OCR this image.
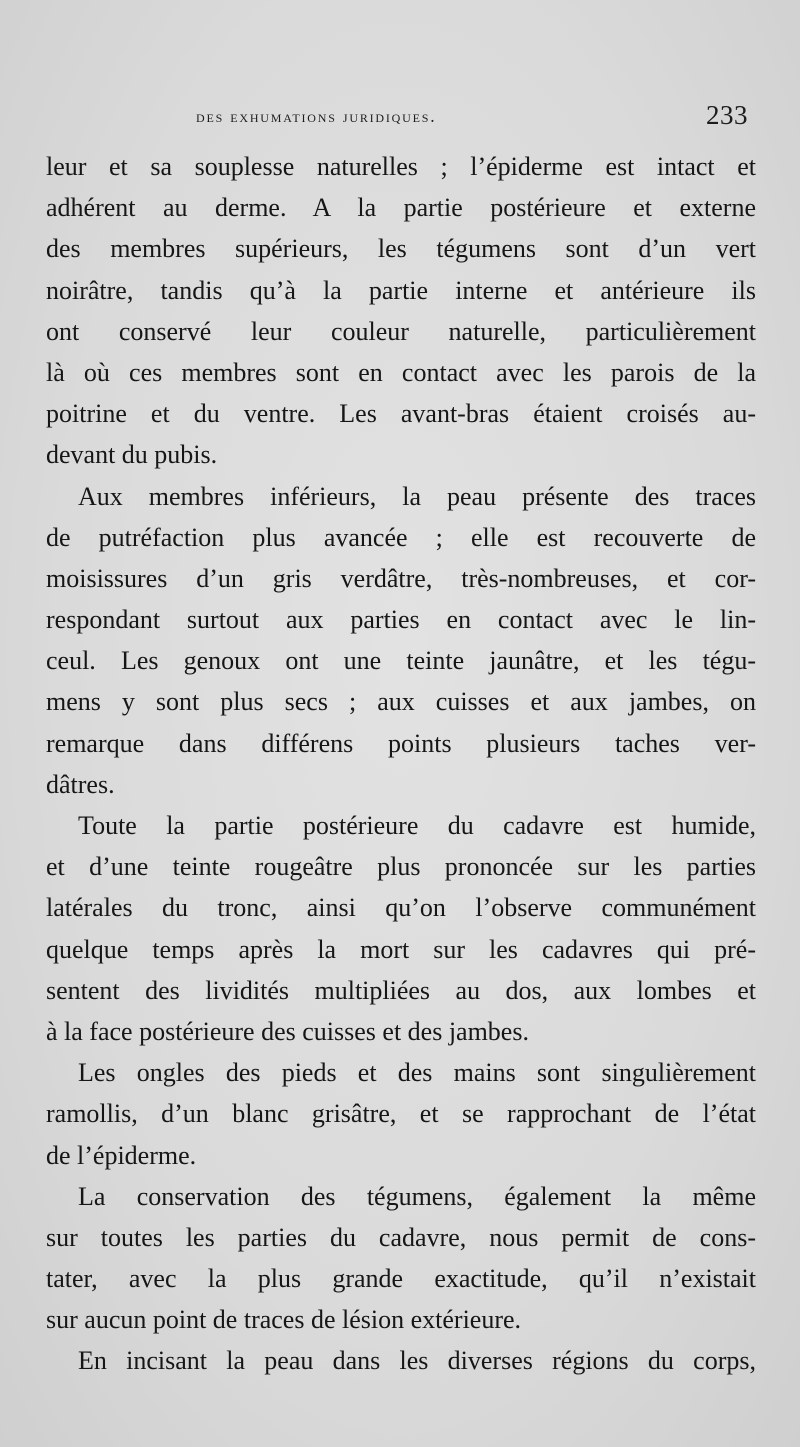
des exhumations juridiques.	233
leur et sa souplesse naturelles ; l’épiderme est intact et
adhérent au derme. A la partie postérieure et externe
des membres supérieurs, les tégumens sont d’un vert
noirâtre, tandis qu’à la partie interne et antérieure ils
ont conservé leur couleur naturelle, particulièrement
là où ces membres sont en contact avec les parois de la
poitrine et du ventre. Les avant-bras étaient croisés au-
devant du pubis.
Aux membres inférieurs, la peau présente des traces
de putréfaction plus avancée ; elle est recouverte de
moisissures d’un gris verdâtre, très-nombreuses, et cor-
respondant surtout aux parties en contact avec le lin-
ceul. Les genoux ont une teinte jaunâtre, et les tégu-
mens y sont plus secs ; aux cuisses et aux jambes, on
remarque dans différens points plusieurs taches ver-
dâtres.
Toute la partie postérieure du cadavre est humide,
et d’une teinte rougeâtre plus prononcée sur les parties
latérales du tronc, ainsi qu’on l’observe communément
quelque temps après la mort sur les cadavres qui pré-
sentent des lividités multipliées au dos, aux lombes et
à la face postérieure des cuisses et des jambes.
Les ongles des pieds et des mains sont singulièrement
ramollis, d’un blanc grisâtre, et se rapprochant de l’état
de l’épiderme.
La conservation des tégumens, également la même
sur toutes les parties du cadavre, nous permit de cons-
tater, avec la plus grande exactitude, qu’il n’existait
sur aucun point de traces de lésion extérieure.
En incisant la peau dans les diverses régions du corps,
